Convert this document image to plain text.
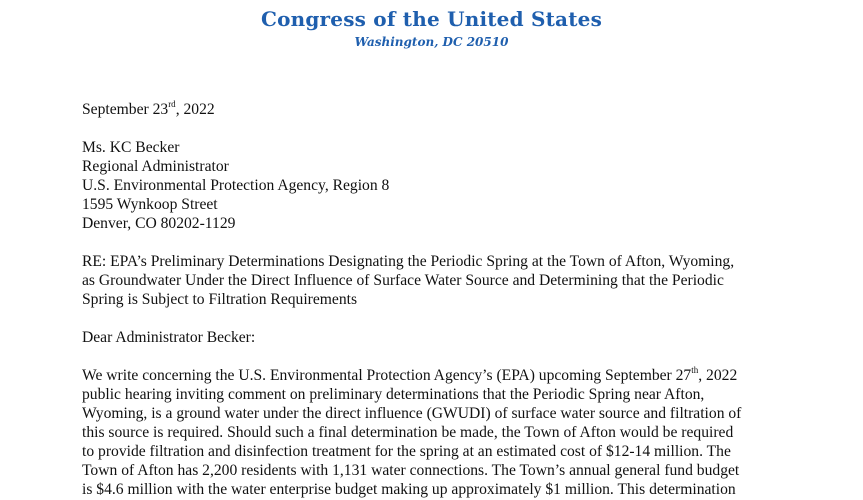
Congress of the United States
Washington, DC 20510
September 23rd, 2022
Ms. KC Becker
Regional Administrator
U.S. Environmental Protection Agency, Region 8
1595 Wynkoop Street
Denver, CO 80202-1129
RE: EPA’s Preliminary Determinations Designating the Periodic Spring at the Town of Afton, Wyoming,
as Groundwater Under the Direct Influence of Surface Water Source and Determining that the Periodic
Spring is Subject to Filtration Requirements
Dear Administrator Becker:
We write concerning the U.S. Environmental Protection Agency’s (EPA) upcoming September 27th, 2022
public hearing inviting comment on preliminary determinations that the Periodic Spring near Afton,
Wyoming, is a ground water under the direct influence (GWUDI) of surface water source and filtration of
this source is required. Should such a final determination be made, the Town of Afton would be required
to provide filtration and disinfection treatment for the spring at an estimated cost of $12-14 million. The
Town of Afton has 2,200 residents with 1,131 water connections. The Town’s annual general fund budget
is $4.6 million with the water enterprise budget making up approximately $1 million. This determination
